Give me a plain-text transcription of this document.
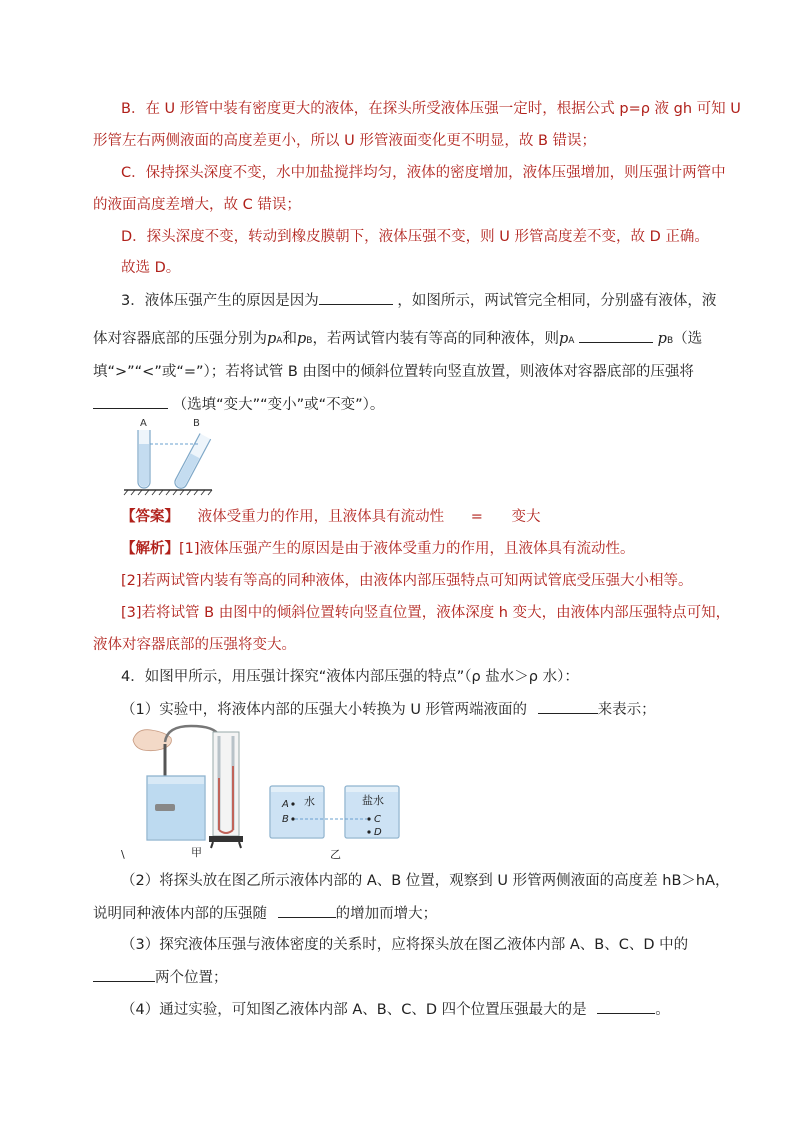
B．在 U 形管中装有密度更大的液体，在探头所受液体压强一定时，根据公式 p=ρ 液 gh 可知 U
形管左右两侧液面的高度差更小，所以 U 形管液面变化更不明显，故 B 错误；
C．保持探头深度不变，水中加盐搅拌均匀，液体的密度增加，液体压强增加，则压强计两管中
的液面高度差增大，故 C 错误；
D．探头深度不变，转动到橡皮膜朝下，液体压强不变，则 U 形管高度差不变，故 D 正确。
故选 D。
3．液体压强产生的原因是因为	，如图所示，两试管完全相同，分别盛有液体，液
体对容器底部的压强分别为pA和pB，若两试管内装有等高的同种液体，则pA	pB（选
填“>”“<”或“=”）；若将试管 B 由图中的倾斜位置转向竖直放置，则液体对容器底部的压强将
（选填“变大”“变小”或“不变”）。
A	B
【答案】 液体受重力的作用，且液体具有流动性 = 变大
【解析】[1]液体压强产生的原因是由于液体受重力的作用，且液体具有流动性。
[2]若两试管内装有等高的同种液体，由液体内部压强特点可知两试管底受压强大小相等。
[3]若将试管 B 由图中的倾斜位置转向竖直位置，液体深度 h 变大，由液体内部压强特点可知，
液体对容器底部的压强将变大。
4．如图甲所示，用压强计探究“液体内部压强的特点”（ρ 盐水＞ρ 水）：
（1）实验中，将液体内部的压强大小转换为 U 形管两端液面的	来表示；
水
A
B
盐水
C
D
\	甲	乙
（2）将探头放在图乙所示液体内部的 A、B 位置，观察到 U 形管两侧液面的高度差 hB＞hA，
说明同种液体内部的压强随	的增加而增大；
（3）探究液体压强与液体密度的关系时，应将探头放在图乙液体内部 A、B、C、D 中的
两个位置；
（4）通过实验，可知图乙液体内部 A、B、C、D 四个位置压强最大的是	。
